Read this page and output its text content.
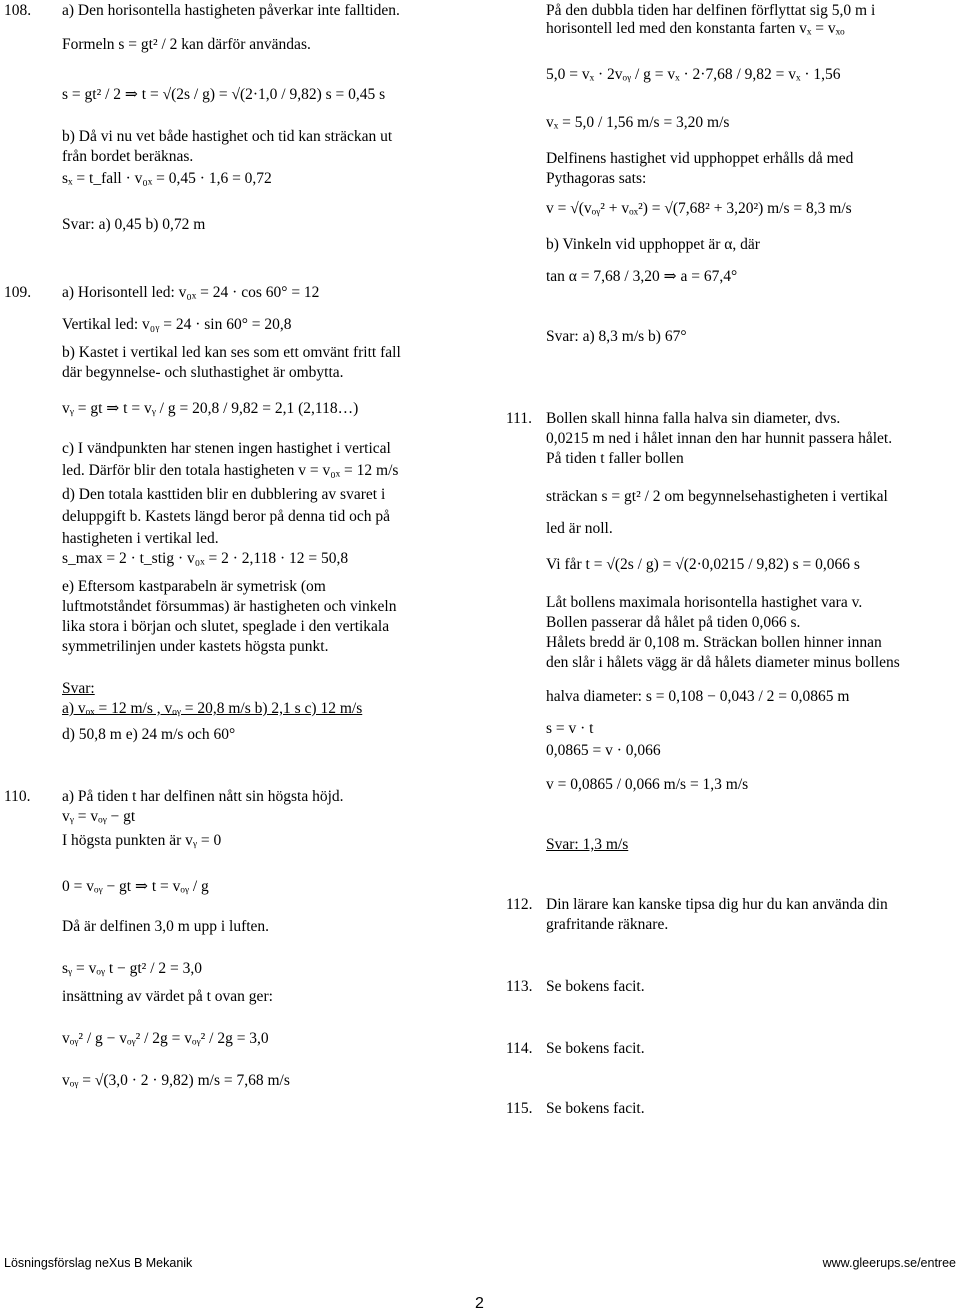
108. a) Den horisontella hastigheten påverkar inte falltiden.
Formeln s = gt² / 2 kan därför användas.
s = gt² / 2 ⇒ t = √(2s / g) = √(2·1,0 / 9,82) s = 0,45 s
b) Då vi nu vet både hastighet och tid kan sträckan ut
från bordet beräknas.
sₓ = t_fall · v₀ₓ = 0,45 · 1,6 = 0,72
Svar: a) 0,45 b) 0,72 m
109. a) Horisontell led: v₀ₓ = 24 · cos 60° = 12
Vertikal led: v₀ᵧ = 24 · sin 60° = 20,8
b) Kastet i vertikal led kan ses som ett omvänt fritt fall
där begynnelse- och sluthastighet är ombytta.
vᵧ = gt ⇒ t = vᵧ / g = 20,8 / 9,82 = 2,1 (2,118…)
c) I vändpunkten har stenen ingen hastighet i vertical
led. Därför blir den totala hastigheten v = v₀ₓ = 12 m/s
d) Den totala kasttiden blir en dubblering av svaret i
deluppgift b. Kastets längd beror på denna tid och på
hastigheten i vertikal led.
s_max = 2 · t_stig · v₀ₓ = 2 · 2,118 · 12 = 50,8
e) Eftersom kastparabeln är symetrisk (om
luftmotståndet försummas) är hastigheten och vinkeln
lika stora i början och slutet, speglade i den vertikala
symmetrilinjen under kastets högsta punkt.
Svar:
a) vₒₓ = 12 m/s , vₒᵧ = 20,8 m/s b) 2,1 s c) 12 m/s
d) 50,8 m e) 24 m/s och 60°
110. a) På tiden t har delfinen nått sin högsta höjd.
vᵧ = vₒᵧ − gt
I högsta punkten är vᵧ = 0
0 = vₒᵧ − gt ⇒ t = vₒᵧ / g
Då är delfinen 3,0 m upp i luften.
sᵧ = vₒᵧ t − gt² / 2 = 3,0
insättning av värdet på t ovan ger:
vₒᵧ² / g − vₒᵧ² / 2g = vₒᵧ² / 2g = 3,0
vₒᵧ = √(3,0 · 2 · 9,82) m/s = 7,68 m/s
På den dubbla tiden har delfinen förflyttat sig 5,0 m i
horisontell led med den konstanta farten vₓ = vₓₒ
5,0 = vₓ · 2vₒᵧ / g = vₓ · 2·7,68 / 9,82 = vₓ · 1,56
vₓ = 5,0 / 1,56 m/s = 3,20 m/s
Delfinens hastighet vid upphoppet erhålls då med
Pythagoras sats:
v = √(vₒᵧ² + vₒₓ²) = √(7,68² + 3,20²) m/s = 8,3 m/s
b) Vinkeln vid upphoppet är α, där
tan α = 7,68 / 3,20 ⇒ a = 67,4°
Svar: a) 8,3 m/s b) 67°
111. Bollen skall hinna falla halva sin diameter, dvs.
0,0215 m ned i hålet innan den har hunnit passera hålet.
På tiden t faller bollen
sträckan s = gt² / 2 om begynnelsehastigheten i vertikal
led är noll.
Vi får t = √(2s / g) = √(2·0,0215 / 9,82) s = 0,066 s
Låt bollens maximala horisontella hastighet vara v.
Bollen passerar då hålet på tiden 0,066 s.
Hålets bredd är 0,108 m. Sträckan bollen hinner innan
den slår i hålets vägg är då hålets diameter minus bollens
halva diameter: s = 0,108 − 0,043 / 2 = 0,0865 m
s = v · t
0,0865 = v · 0,066
v = 0,0865 / 0,066 m/s = 1,3 m/s
Svar: 1,3 m/s
112. Din lärare kan kanske tipsa dig hur du kan använda din
grafritande räknare.
113. Se bokens facit.
114. Se bokens facit.
115. Se bokens facit.
Lösningsförslag neXus B Mekanik	www.gleerups.se/entree
2
